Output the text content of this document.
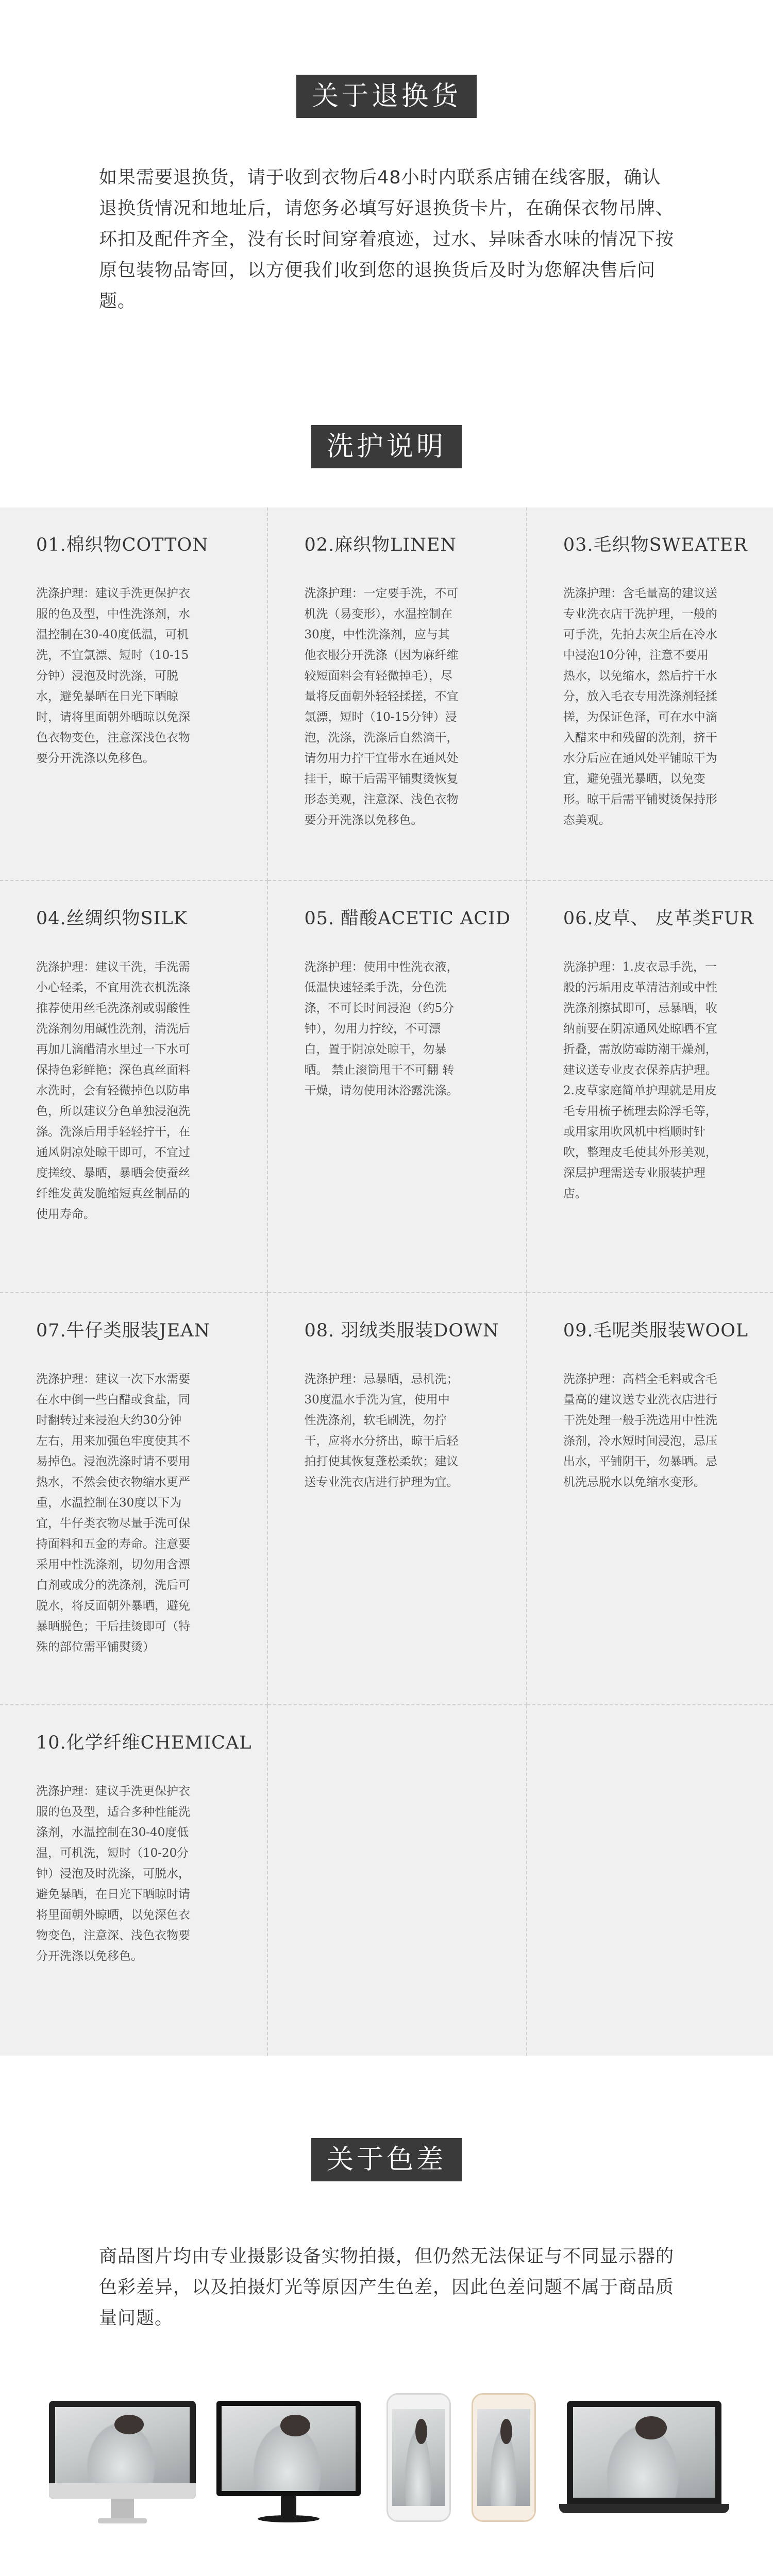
关于退换货
如果需要退换货，请于收到衣物后48小时内联系店铺在线客服，确认退换货情况和地址后，请您务必填写好退换货卡片，在确保衣物吊牌、环扣及配件齐全，没有长时间穿着痕迹，过水、异味香水味的情况下按原包装物品寄回，以方便我们收到您的退换货后及时为您解决售后问题。
洗护说明

01.棉织物COTTON

洗涤护理：建议手洗更保护衣服的色及型，中性洗涤剂，水温控制在30-40度低温，可机洗，不宜氯漂、短时（10-15分钟）浸泡及时洗涤，可脱水，避免暴晒在日光下晒晾时，请将里面朝外晒晾以免深色衣物变色，注意深浅色衣物要分开洗涤以免移色。

02.麻织物LINEN

洗涤护理：一定要手洗，不可机洗（易变形），水温控制在30度，中性洗涤剂，应与其他衣服分开洗涤（因为麻纤维较短面料会有轻微掉毛），尽量将反面朝外轻轻揉搓，不宜氯漂，短时（10-15分钟）浸泡，洗涤，洗涤后自然滴干，请勿用力拧干宜带水在通风处挂干，晾干后需平铺熨烫恢复形态美观，注意深、浅色衣物要分开洗涤以免移色。

03.毛织物SWEATER

洗涤护理：含毛量高的建议送专业洗衣店干洗护理，一般的可手洗，先拍去灰尘后在冷水中浸泡10分钟，注意不要用热水，以免缩水，然后拧干水分，放入毛衣专用洗涤剂轻揉搓，为保证色泽，可在水中滴入醋来中和残留的洗剂，挤干水分后应在通风处平铺晾干为宜，避免强光暴晒，以免变形。晾干后需平铺熨烫保持形态美观。

04.丝绸织物SILK

洗涤护理：建议干洗，手洗需小心轻柔，不宜用洗衣机洗涤推荐使用丝毛洗涤剂或弱酸性洗涤剂勿用碱性洗剂，清洗后再加几滴醋清水里过一下水可保持色彩鲜艳；深色真丝面料水洗时，会有轻微掉色以防串色，所以建议分色单独浸泡洗涤。洗涤后用手轻轻拧干，在通风阴凉处晾干即可，不宜过度搓绞、暴晒，暴晒会使蚕丝纤维发黄发脆缩短真丝制品的使用寿命。

05. 醋酸ACETIC ACID

洗涤护理：使用中性洗衣液，低温快速轻柔手洗，分色洗涤，不可长时间浸泡（约5分钟），勿用力拧绞，不可漂白，置于阴凉处晾干，勿暴晒。 禁止滚筒甩干不可翻 转干燥，请勿使用沐浴露洗涤。

06.皮草、 皮革类FUR

洗涤护理：1.皮衣忌手洗，一般的污垢用皮革清洁剂或中性洗涤剂擦拭即可，忌暴晒，收纳前要在阴凉通风处晾晒不宜折叠，需放防霉防潮干燥剂，建议送专业皮衣保养店护理。 2.皮草家庭简单护理就是用皮毛专用梳子梳理去除浮毛等，或用家用吹风机中档顺时针吹，整理皮毛使其外形美观，深层护理需送专业服装护理店。

07.牛仔类服装JEAN

洗涤护理：建议一次下水需要在水中倒一些白醋或食盐，同时翻转过来浸泡大约30分钟左右，用来加强色牢度使其不易掉色。浸泡洗涤时请不要用热水，不然会使衣物缩水更严重，水温控制在30度以下为宜，牛仔类衣物尽量手洗可保持面料和五金的寿命。注意要采用中性洗涤剂，切勿用含漂白剂或成分的洗涤剂，洗后可脱水，将反面朝外暴晒，避免暴晒脱色；干后挂烫即可（特殊的部位需平铺熨烫）

08. 羽绒类服装DOWN

洗涤护理：忌暴晒，忌机洗；30度温水手洗为宜，使用中性洗涤剂，软毛刷洗，勿拧干，应将水分挤出，晾干后轻拍打使其恢复蓬松柔软；建议送专业洗衣店进行护理为宜。

09.毛呢类服装WOOL

洗涤护理：高档全毛料或含毛量高的建议送专业洗衣店进行干洗处理一般手洗选用中性洗涤剂，冷水短时间浸泡，忌压出水，平铺阴干，勿暴晒。忌机洗忌脱水以免缩水变形。

10.化学纤维CHEMICAL

洗涤护理：建议手洗更保护衣服的色及型，适合多种性能洗涤剂，水温控制在30-40度低温，可机洗，短时（10-20分钟）浸泡及时洗涤，可脱水，避免暴晒，在日光下晒晾时请将里面朝外晾晒，以免深色衣物变色，注意深、浅色衣物要分开洗涤以免移色。

关于色差
商品图片均由专业摄影设备实物拍摄，但仍然无法保证与不同显示器的色彩差异，以及拍摄灯光等原因产生色差，因此色差问题不属于商品质量问题。
